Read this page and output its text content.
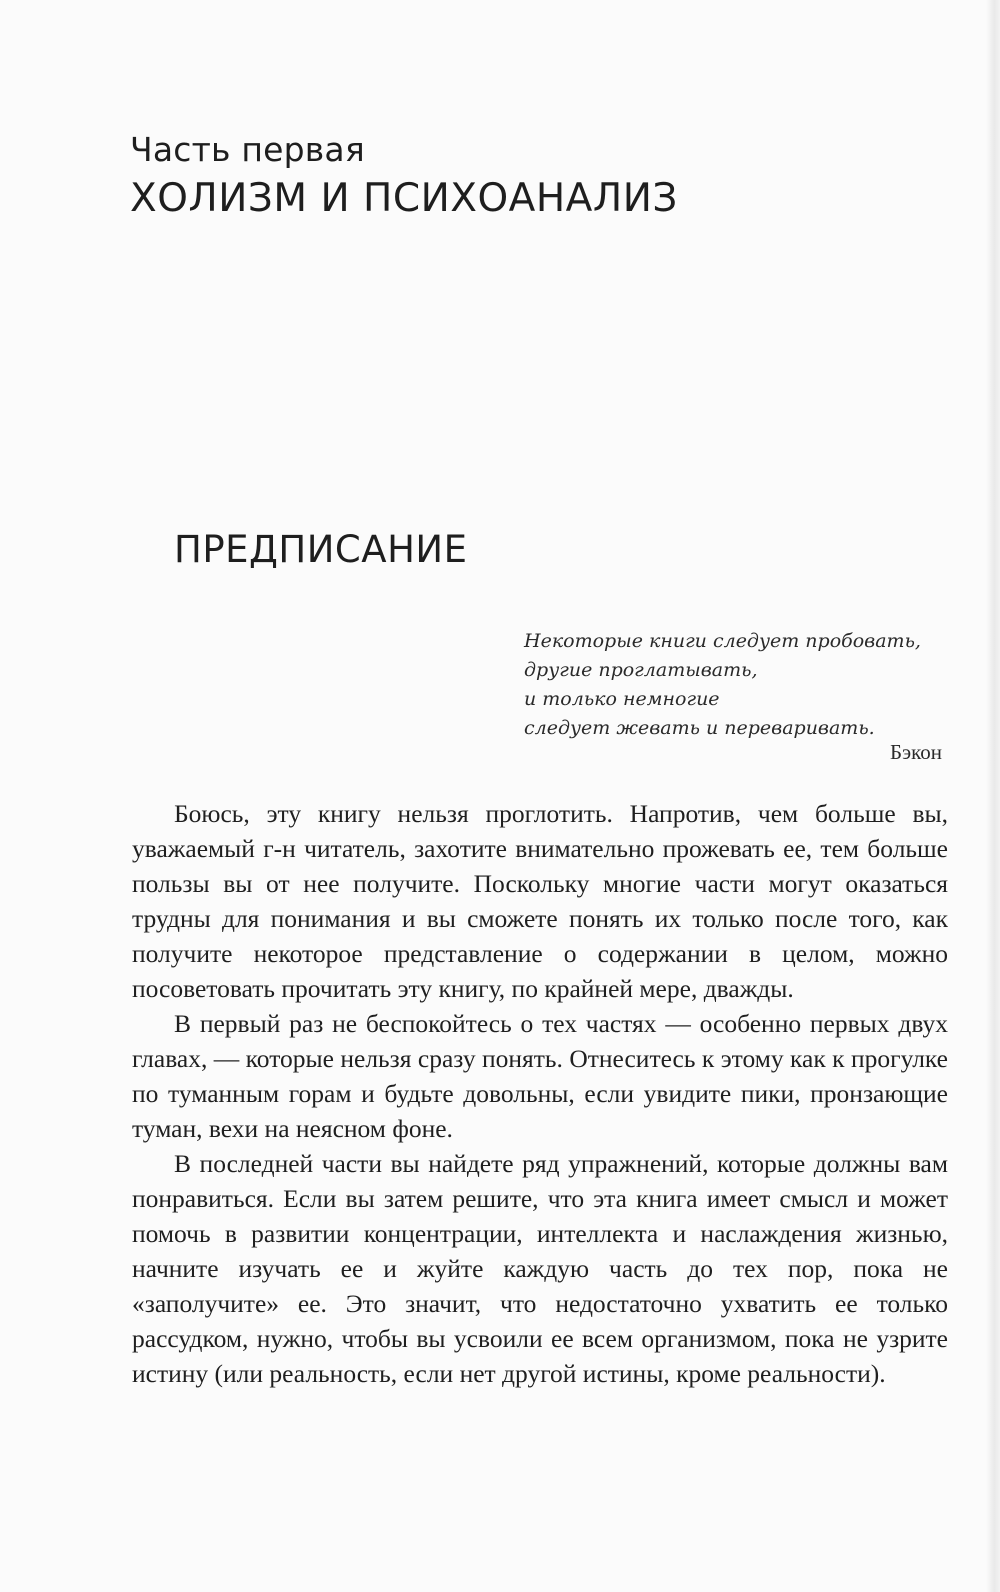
Часть первая
ХОЛИЗМ И ПСИХОАНАЛИЗ
ПРЕДПИСАНИЕ
Некоторые книги следует пробовать,
другие проглатывать,
и только немногие
следует жевать и переваривать.
Бэкон

Боюсь, эту книгу нельзя проглотить. Напротив, чем больше вы, уважаемый г-н читатель, захотите внимательно прожевать ее, тем больше пользы вы от нее получите. Поскольку многие части могут оказаться трудны для понимания и вы сможете понять их только после того, как получите некоторое представление о содержании в целом, можно посоветовать прочитать эту книгу, по крайней мере, дважды.

В первый раз не беспокойтесь о тех частях — особенно первых двух главах, — которые нельзя сразу понять. Отнеситесь к этому как к прогулке по туманным горам и будьте довольны, если увидите пики, пронзающие туман, вехи на неясном фоне.

В последней части вы найдете ряд упражнений, которые должны вам понравиться. Если вы затем решите, что эта книга имеет смысл и может помочь в развитии концентрации, интеллекта и наслаждения жизнью, начните изучать ее и жуйте каждую часть до тех пор, пока не «заполучите» ее. Это значит, что недостаточно ухватить ее только рассудком, нужно, чтобы вы усвоили ее всем организмом, пока не узрите истину (или реальность, если нет другой истины, кроме реальности).
